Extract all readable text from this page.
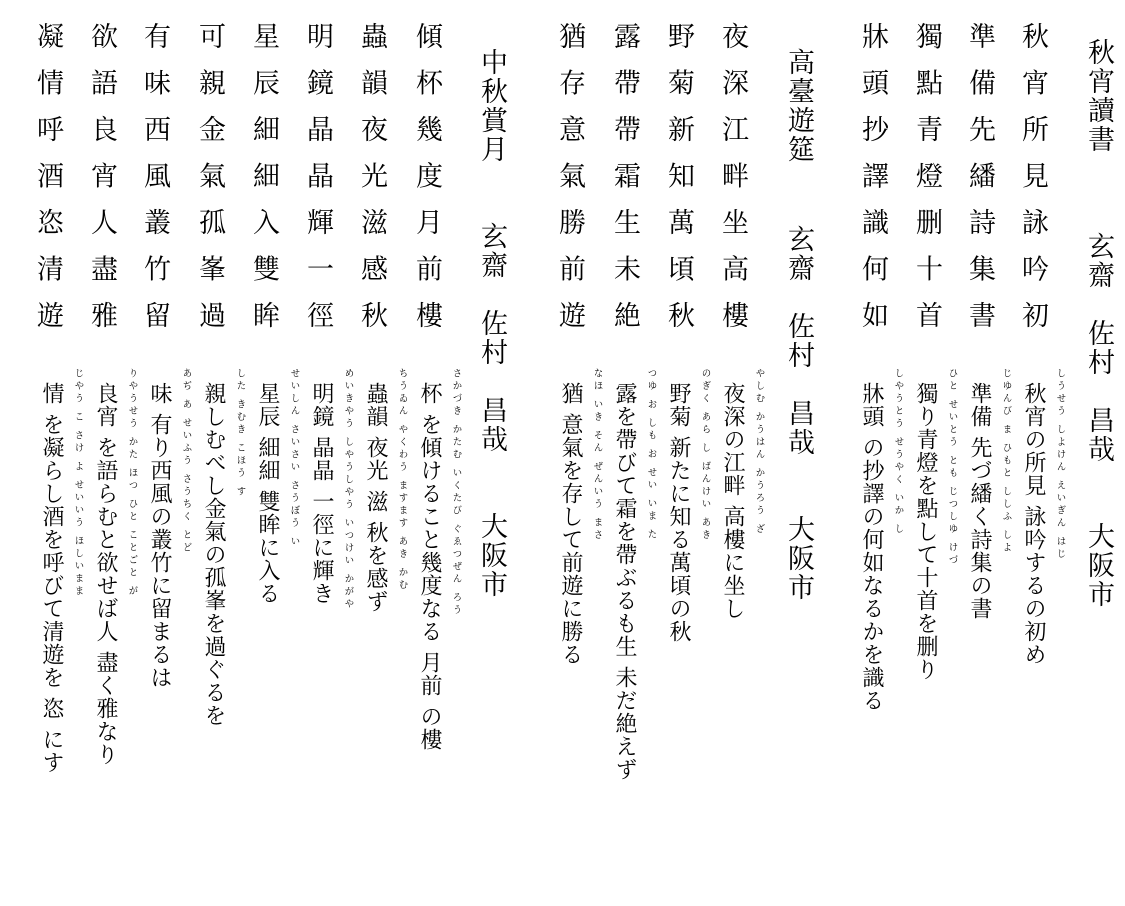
秋宵讀書
玄齋　佐村　昌哉　　大阪市
秋宵所見詠吟初
準備先繙詩集書
獨點青燈删十首
牀頭抄譯識何如
しうせう しよけん えいぎん はじ
秋宵の所見 詠吟するの初め
じゆんび ま ひもと ししふ しよ
準備 先づ繙く詩集の書
ひと せいとう とも じつしゆ けづ
獨り青燈を點して十首を删り
しやうとう せうやく いか し
牀頭 の抄譯の何如なるかを識る
高臺遊筵
玄齋　佐村　昌哉　　大阪市
夜深江畔坐高樓
野菊新知萬頃秋
露帶帶霜生未絶
猶存意氣勝前遊
やしむ かうはん かうろう ざ
夜深の江畔 高樓に坐し
のぎく あら し ばんけい あき
野菊 新たに知る萬頃の秋
つゆ お しも お せい いま た
露を帶びて霜を帶ぶるも生 未だ絶えず
なほ いき そん ぜんいう まさ
猶 意氣を存して前遊に勝る
中秋賞月
玄齋　佐村　昌哉　　大阪市
傾杯幾度月前樓
蟲韻夜光滋感秋
明鏡晶晶輝一徑
星辰細細入雙眸
可親金氣孤峯過
有味西風叢竹留
欲語良宵人盡雅
凝情呼酒恣清遊
さかづき かたむ いくたび ぐゑつぜん ろう
杯 を傾けること幾度なる 月前 の樓
ちうゐん やくわう ますます あき かむ
蟲韻 夜光 滋 秋を感ず
めいきやう しやうしやう いつけい かがや
明鏡 晶晶 一徑に輝き
せいしん さいさい さうぼう い
星辰 細細 雙眸に入る
した きむき こほう す
親しむべし金氣の孤峯を過ぐるを
あぢ あ せいふう さうちく とど
味 有り西風の叢竹に留まるは
りやうせう かた ほつ ひと ことごと が
良宵 を語らむと欲せば人 盡く雅なり
じやう こ さけ よ せいいう ほしいまま
情 を凝らし酒を呼びて清遊を 恣 にす
